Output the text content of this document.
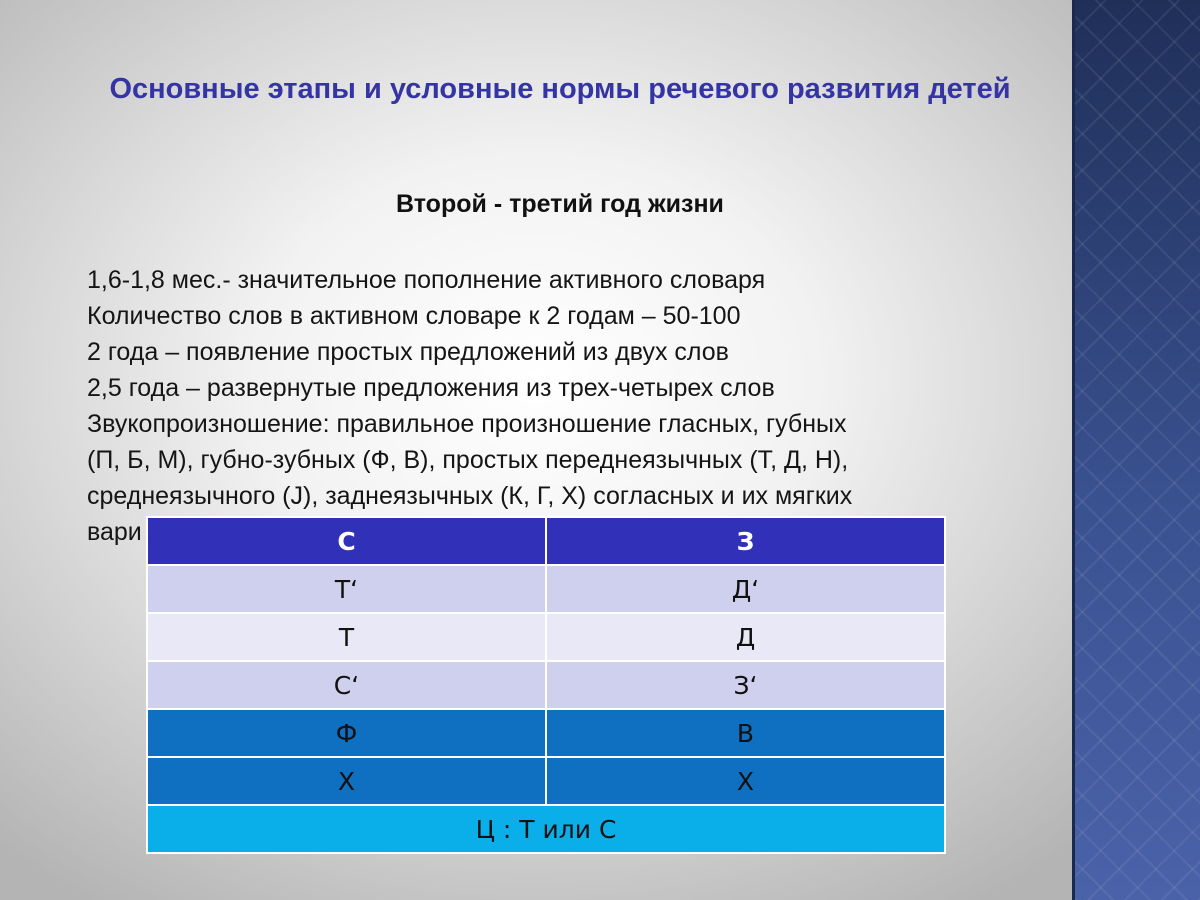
Основные этапы и условные нормы речевого развития детей
Второй - третий год жизни

1,6-1,8 мес.- значительное пополнение активного словаря

Количество слов в активном словаре к 2 годам – 50-100

2 года – появление простых предложений из двух слов

2,5 года – развернутые предложения из трех-четырех слов

Звукопроизношение: правильное произношение гласных, губных

(П, Б, М), губно-зубных (Ф, В), простых переднеязычных (Т, Д, Н),

среднеязычного (J), заднеязычных (К, Г, Х) согласных и их мягких

вари	С	З
Т‘	Д‘
Т	Д
С‘	З‘
Ф	В
Х	Х
Ц : Т или С	
